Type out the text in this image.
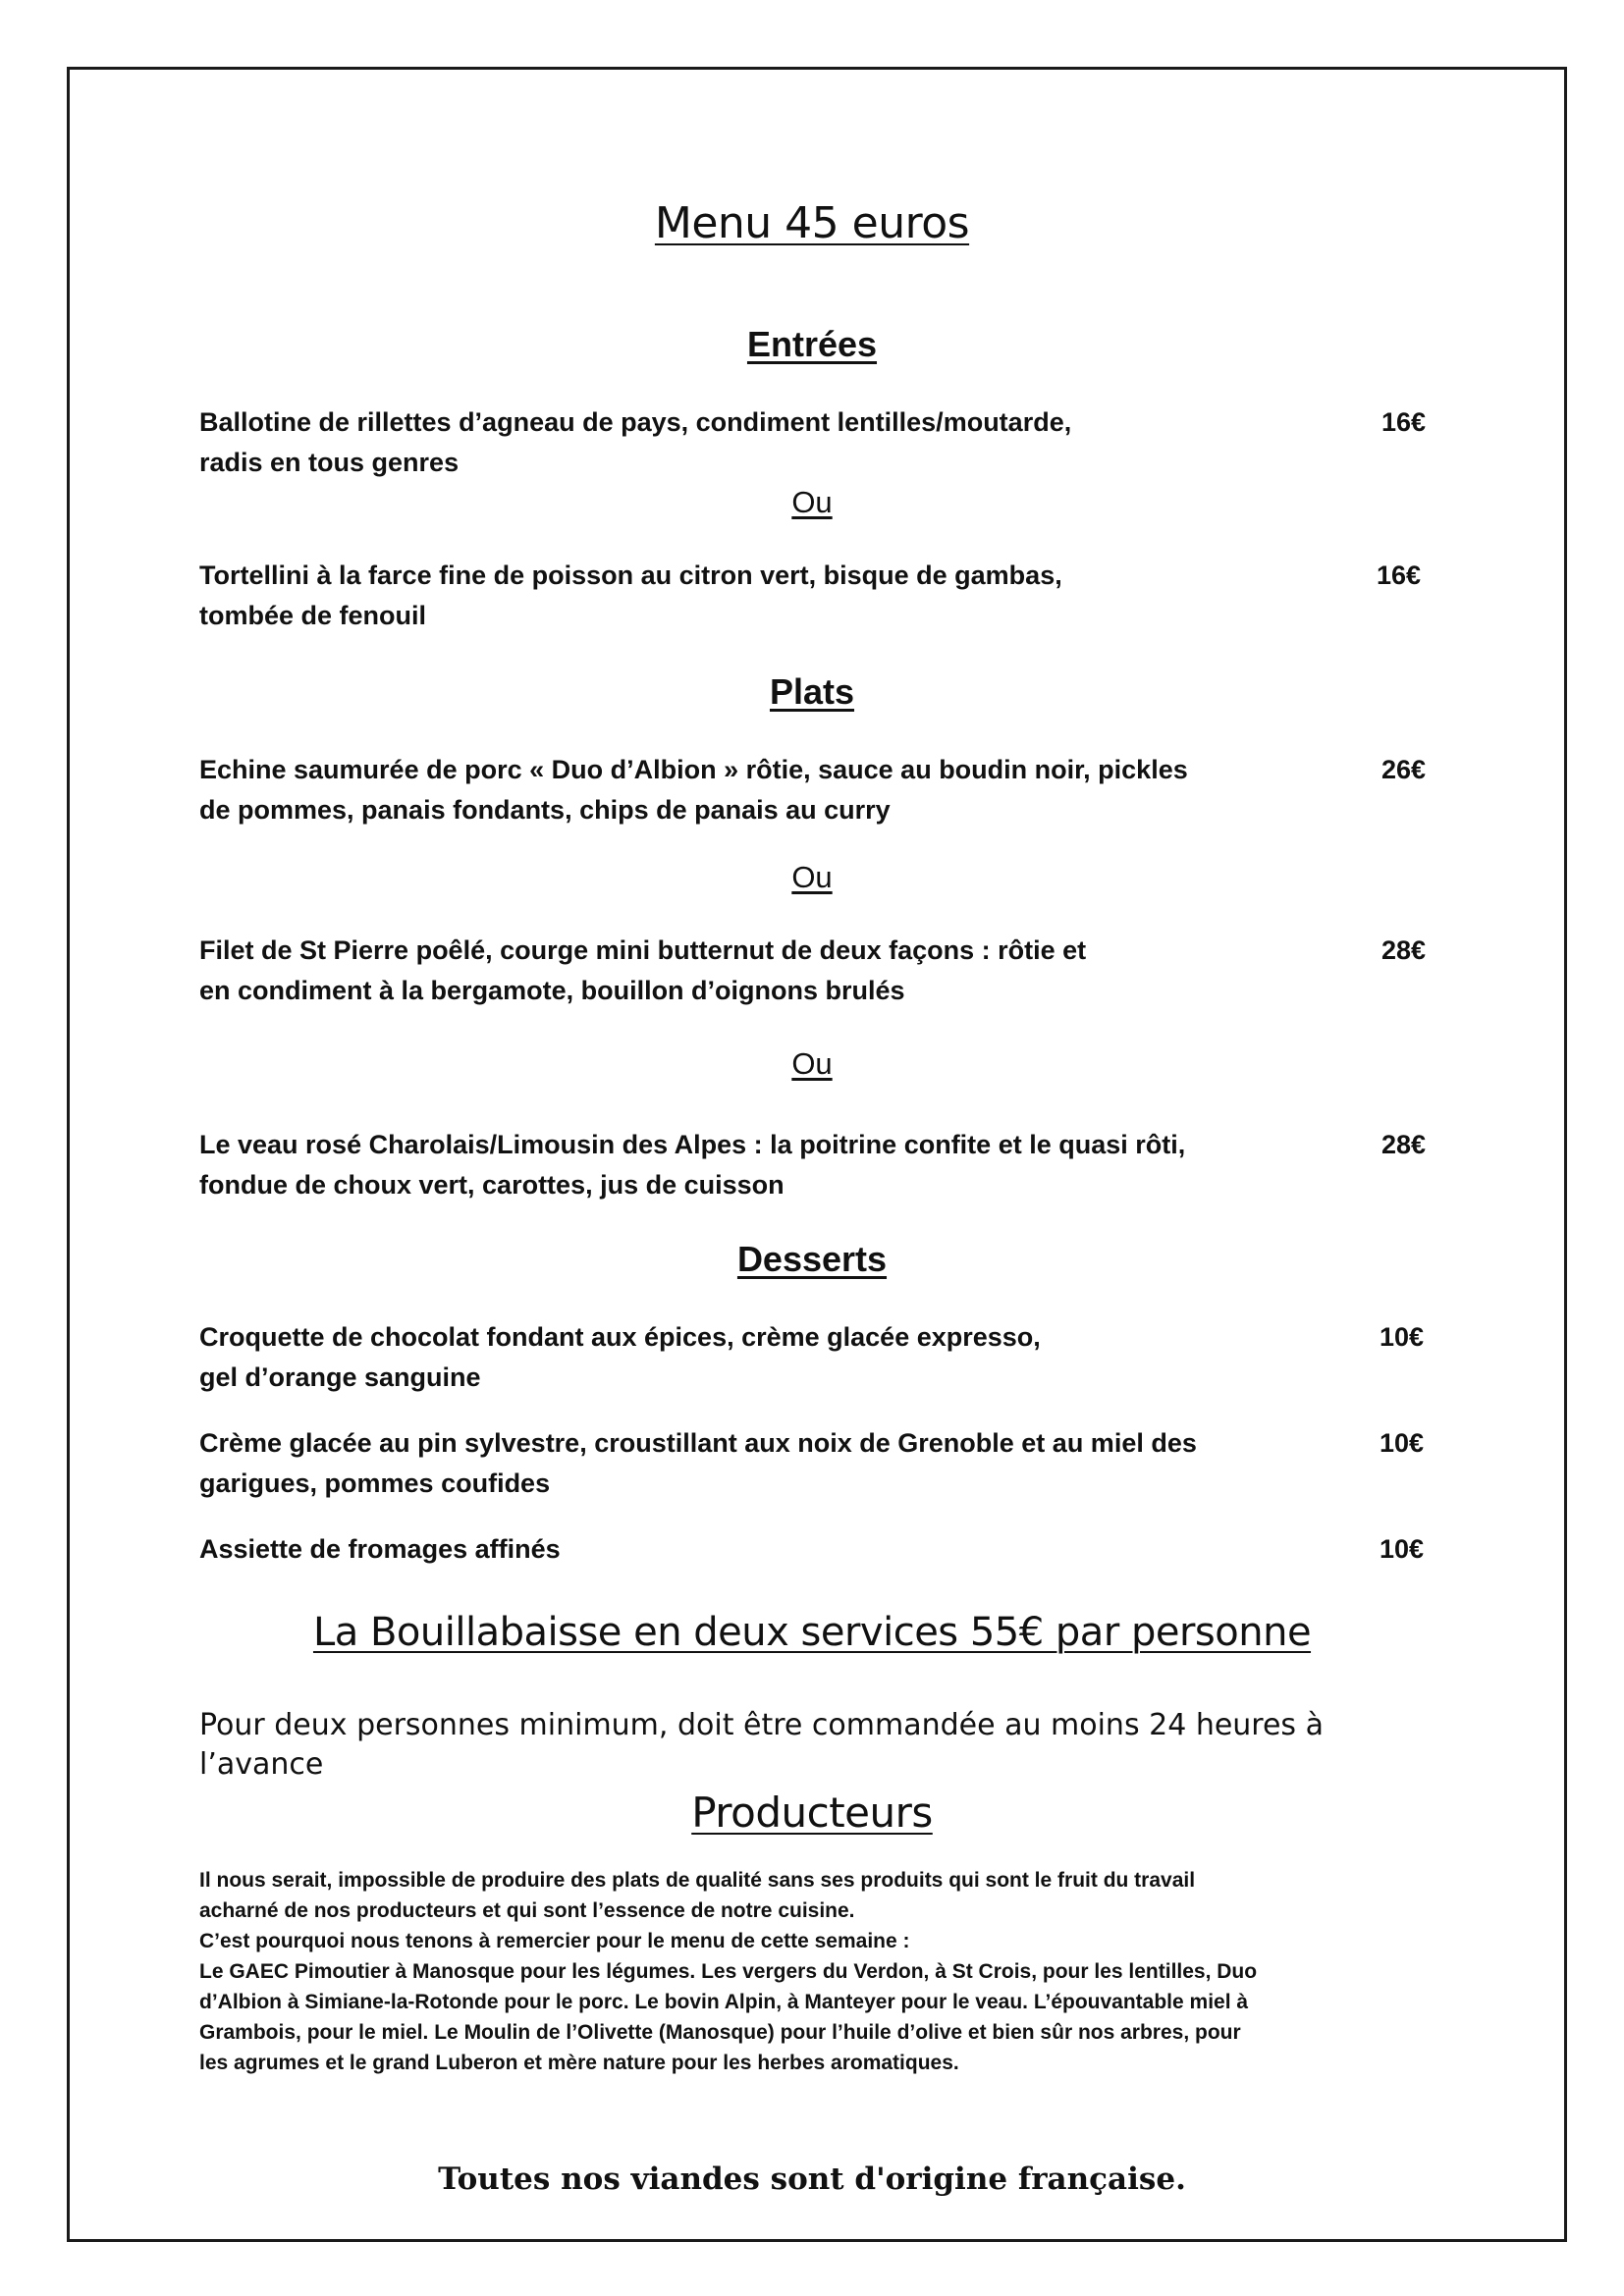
Menu 45 euros
Entrées
Ballotine de rillettes d’agneau de pays, condiment lentilles/moutarde,
radis en tous genres
16€
Ou
Tortellini à la farce fine de poisson au citron vert, bisque de gambas,
tombée de fenouil
16€
Plats
Echine saumurée de porc « Duo d’Albion » rôtie, sauce au boudin noir, pickles
de pommes, panais fondants, chips de panais au curry
26€
Ou
Filet de St Pierre poêlé, courge mini butternut de deux façons : rôtie et
en condiment à la bergamote, bouillon d’oignons brulés
28€
Ou
Le veau rosé Charolais/Limousin des Alpes : la poitrine confite et le quasi rôti,
fondue de choux vert, carottes, jus de cuisson
28€
Desserts
Croquette de chocolat fondant aux épices, crème glacée expresso,
gel d’orange sanguine
10€
Crème glacée au pin sylvestre, croustillant aux noix de Grenoble et au miel des
garigues, pommes coufides
10€
Assiette de fromages affinés	10€
La Bouillabaisse en deux services 55€ par personne
Pour deux personnes minimum, doit être commandée au moins 24 heures à
l’avance
Producteurs

Il nous serait, impossible de produire des plats de qualité sans ses produits qui sont le fruit du travail
acharné de nos producteurs et qui sont l’essence de notre cuisine.

C’est pourquoi nous tenons à remercier pour le menu de cette semaine :

Le GAEC Pimoutier à Manosque pour les légumes. Les vergers du Verdon, à St Crois, pour les lentilles, Duo
d’Albion à Simiane-la-Rotonde pour le porc. Le bovin Alpin, à Manteyer pour le veau. L’épouvantable miel à
Grambois, pour le miel. Le Moulin de l’Olivette (Manosque) pour l’huile d’olive et bien sûr nos arbres, pour
les agrumes et le grand Luberon et mère nature pour les herbes aromatiques.

Toutes nos viandes sont d'origine française.
